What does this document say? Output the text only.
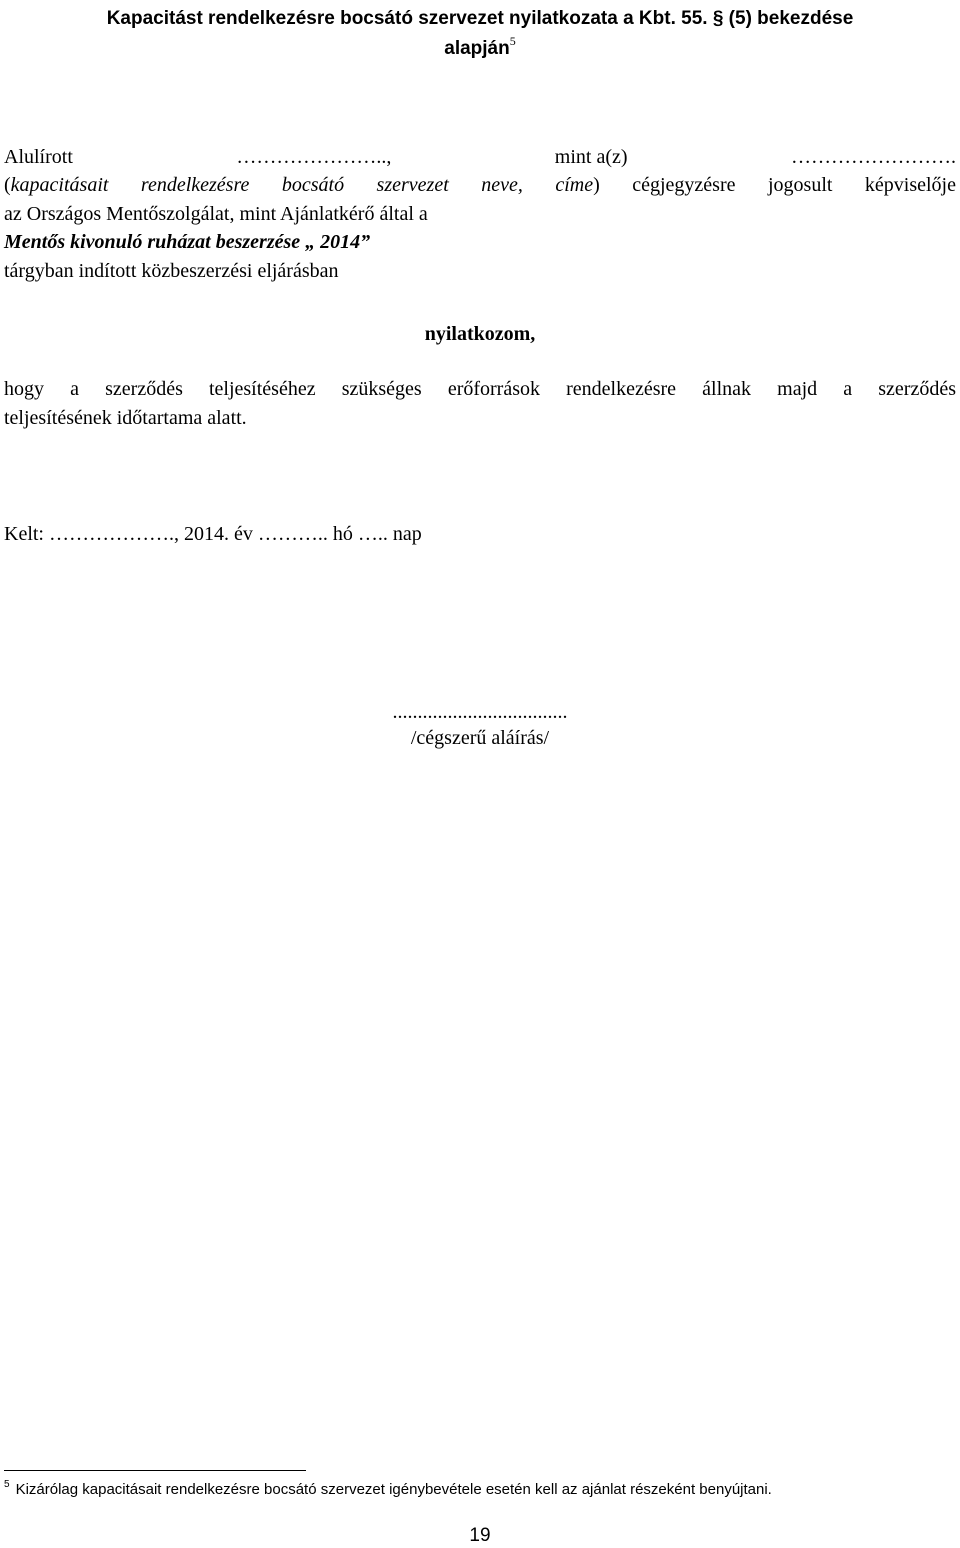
Kapacitást rendelkezésre bocsátó szervezet nyilatkozata a Kbt. 55. § (5) bekezdése
alapján$^5$
Alulírott	…………………..,	mint a(z)	…………………….
(kapacitásait rendelkezésre bocsátó szervezet neve, címe) cégjegyzésre jogosult képviselője
az Országos Mentőszolgálat, mint Ajánlatkérő által a
Mentős kivonuló ruházat beszerzése „ 2014”
tárgyban indított közbeszerzési eljárásban
nyilatkozom,
hogy a szerződés teljesítéséhez szükséges erőforrások rendelkezésre állnak majd a szerződés
teljesítésének időtartama alatt.
Kelt: ………………., 2014. év ……….. hó ….. nap
...................................
/cégszerű aláírás/
$^5$ Kizárólag kapacitásait rendelkezésre bocsátó szervezet igénybevétele esetén kell az ajánlat részeként benyújtani.
19
